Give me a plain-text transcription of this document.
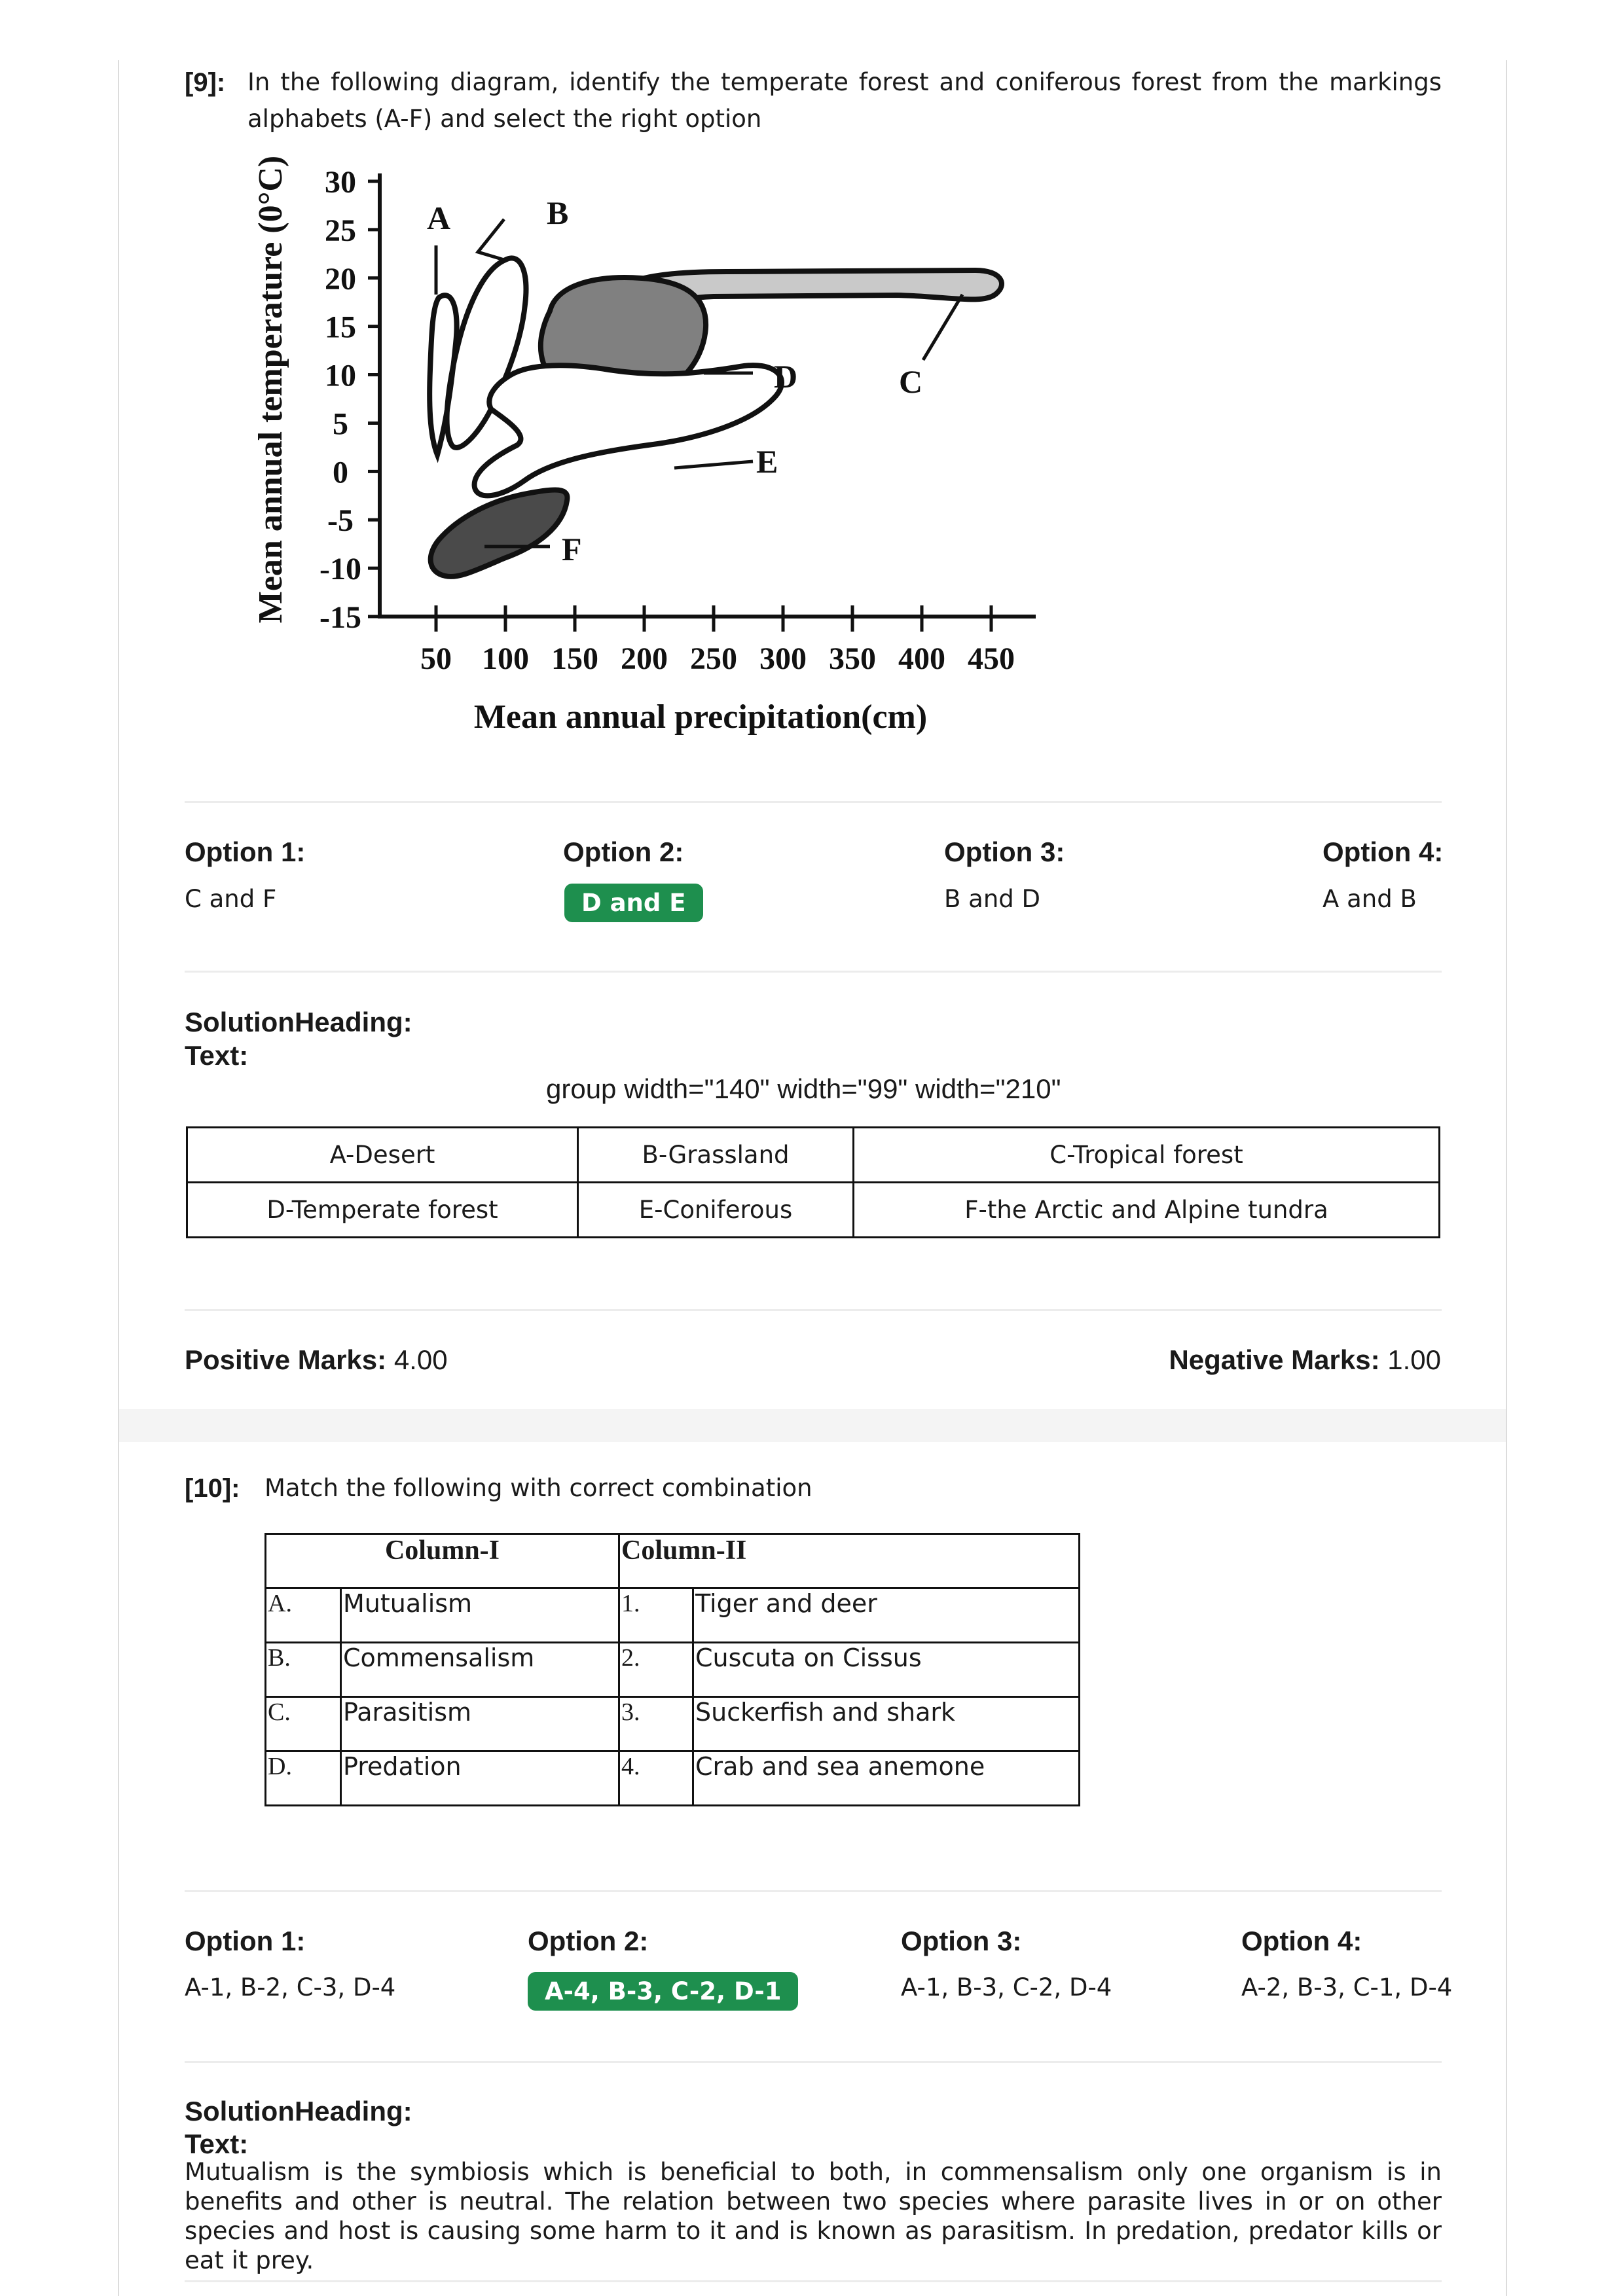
[9]: In the following diagram, identify the temperate forest and coniferous forest from the markings alphabets (A-F) and select the right option
Mean annual temperature (0°C) 30
25
20
15
10
5
0
-5
-10
-15
50 100 150 200 250 300 350 400 450
Mean annual precipitation(cm)
A	B
C
D
E
F
Option 1:
C and F
Option 2:
D and E
Option 3:
B and D
Option 4:
A and B
SolutionHeading:
Text:
group width="140" width="99" width="210"
A-Desert	B-Grassland	C-Tropical forest
D-Temperate forest	E-Coniferous	F-the Arctic and Alpine tundra
Positive Marks: 4.00	Negative Marks: 1.00
[10]: Match the following with correct combination
Column-I		Column-II	
A.	Mutualism	1.	Tiger and deer
B.	Commensalism	2.	Cuscuta on Cissus
C.	Parasitism	3.	Suckerfish and shark
D.	Predation	4.	Crab and sea anemone
Option 1:
A-1, B-2, C-3, D-4
Option 2:
A-4, B-3, C-2, D-1
Option 3:
A-1, B-3, C-2, D-4
Option 4:
A-2, B-3, C-1, D-4
SolutionHeading:
Text:
Mutualism is the symbiosis which is beneficial to both, in commensalism only one organism is in benefits and other is neutral. The relation between two species where parasite lives in or on other species and host is causing some harm to it and is known as parasitism. In predation, predator kills or eat it prey.
